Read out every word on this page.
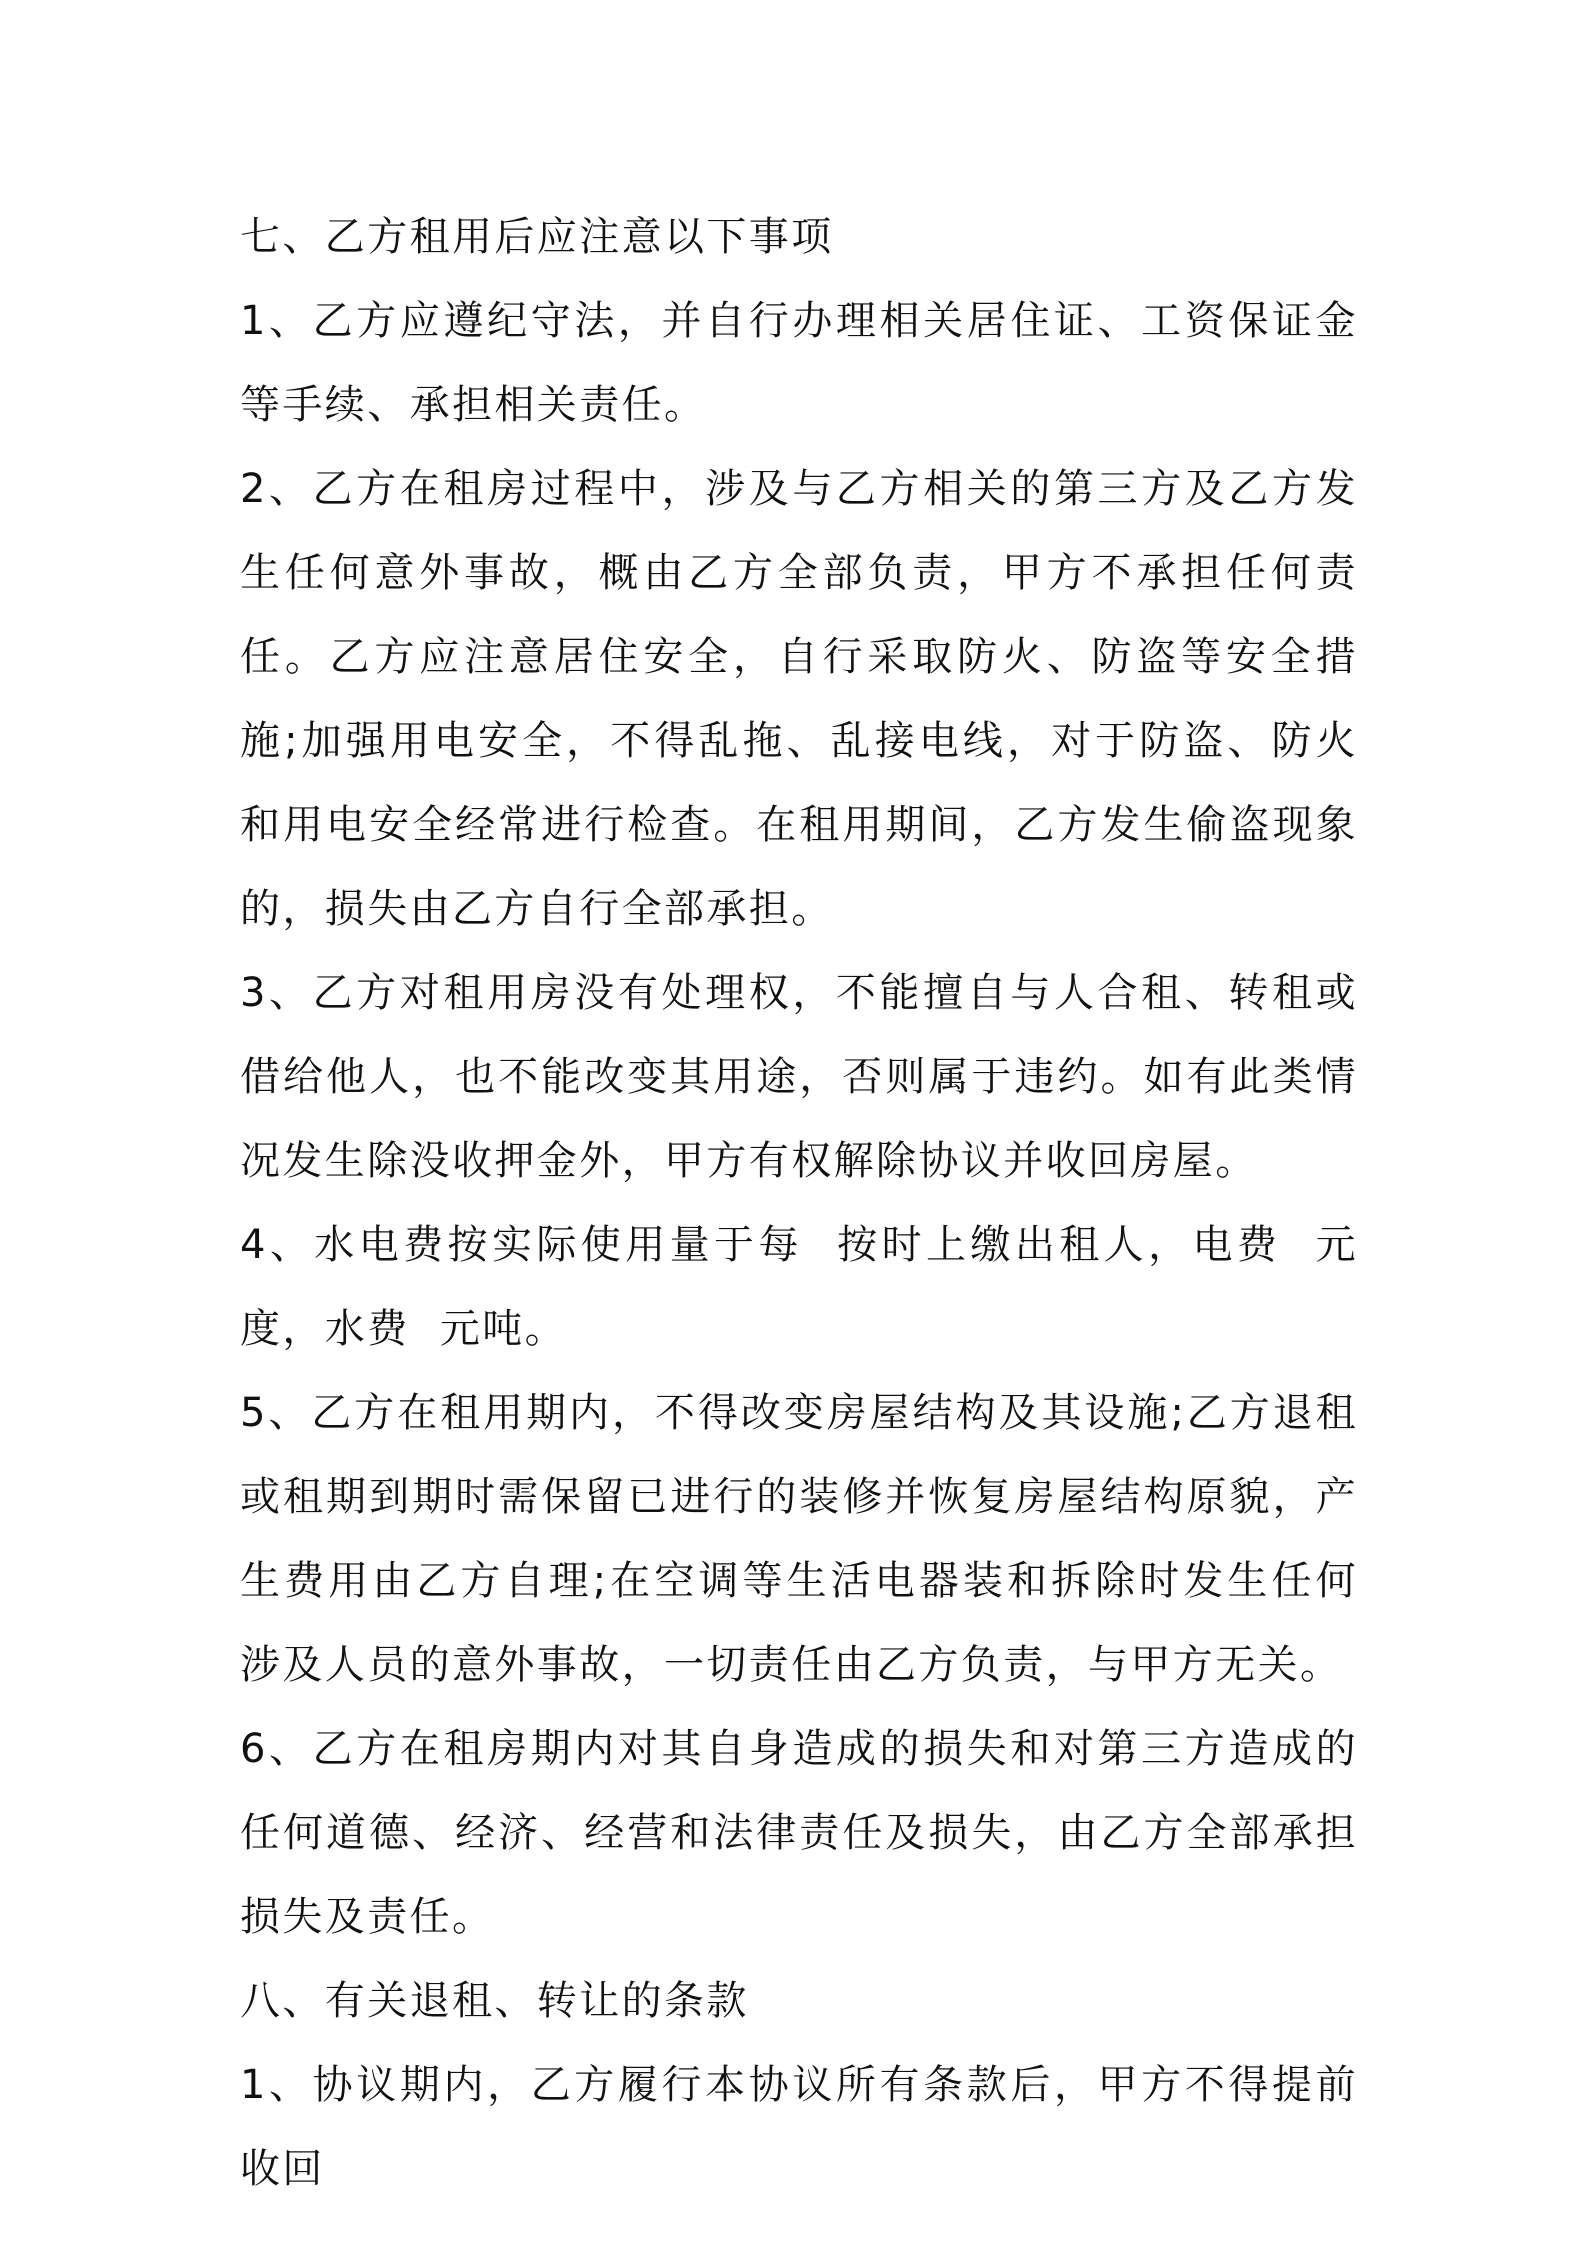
七、乙方租用后应注意以下事项

1、乙方应遵纪守法，并自行办理相关居住证、工资保证金等手续、承担相关责任。

2、乙方在租房过程中，涉及与乙方相关的第三方及乙方发生任何意外事故，概由乙方全部负责，甲方不承担任何责任。乙方应注意居住安全，自行采取防火、防盗等安全措施;加强用电安全，不得乱拖、乱接电线，对于防盗、防火和用电安全经常进行检查。在租用期间，乙方发生偷盗现象的，损失由乙方自行全部承担。

3、乙方对租用房没有处理权，不能擅自与人合租、转租或借给他人，也不能改变其用途，否则属于违约。如有此类情况发生除没收押金外，甲方有权解除协议并收回房屋。

4、水电费按实际使用量于每  按时上缴出租人，电费  元度，水费  元吨。

5、乙方在租用期内，不得改变房屋结构及其设施;乙方退租或租期到期时需保留已进行的装修并恢复房屋结构原貌，产生费用由乙方自理;在空调等生活电器装和拆除时发生任何涉及人员的意外事故，一切责任由乙方负责，与甲方无关。

6、乙方在租房期内对其自身造成的损失和对第三方造成的任何道德、经济、经营和法律责任及损失，由乙方全部承担损失及责任。

八、有关退租、转让的条款

1、协议期内，乙方履行本协议所有条款后，甲方不得提前收回
